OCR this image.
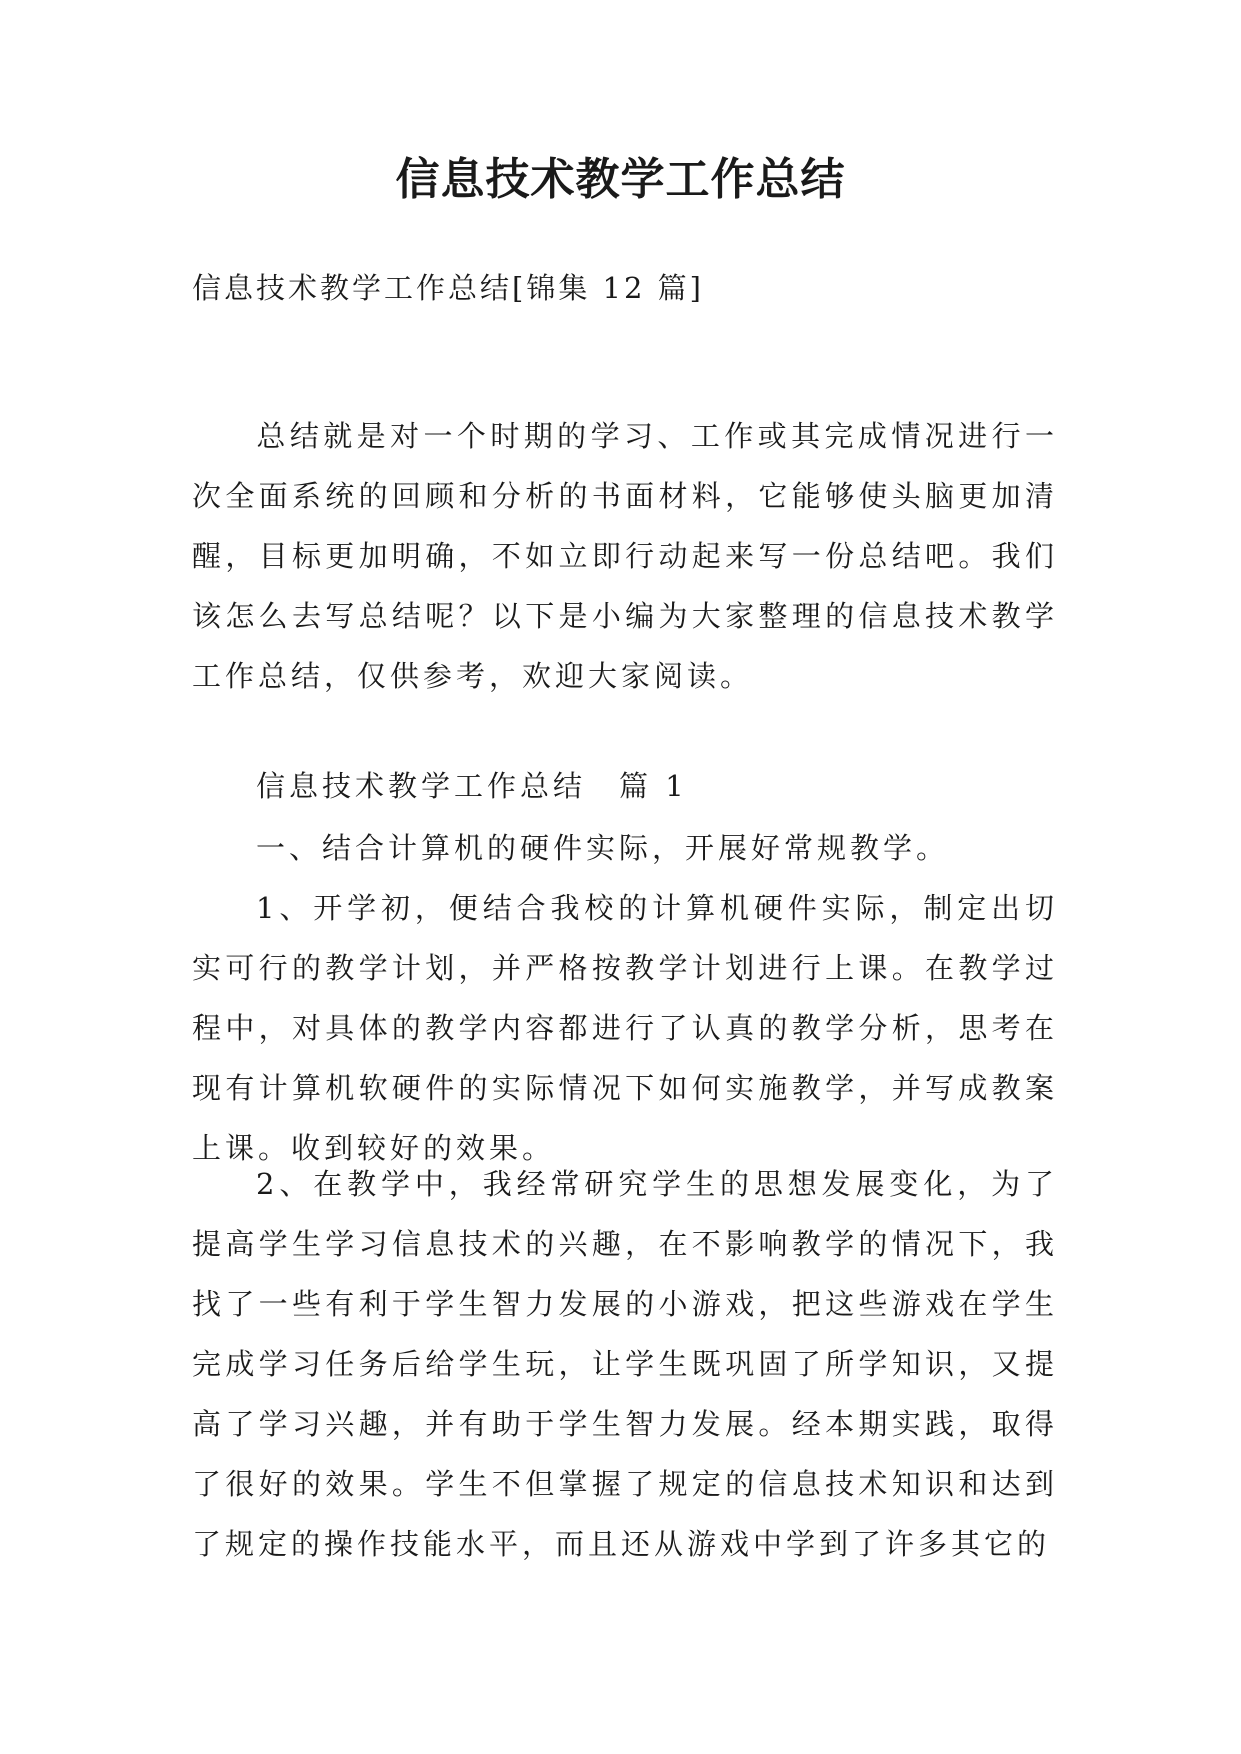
信息技术教学工作总结

信息技术教学工作总结[锦集 12 篇]

总结就是对一个时期的学习、工作或其完成情况进行一次全面系统的回顾和分析的书面材料，它能够使头脑更加清醒，目标更加明确，不如立即行动起来写一份总结吧。我们该怎么去写总结呢？以下是小编为大家整理的信息技术教学工作总结，仅供参考，欢迎大家阅读。

信息技术教学工作总结　篇 1

一、结合计算机的硬件实际，开展好常规教学。

1、开学初，便结合我校的计算机硬件实际，制定出切实可行的教学计划，并严格按教学计划进行上课。在教学过程中，对具体的教学内容都进行了认真的教学分析，思考在现有计算机软硬件的实际情况下如何实施教学，并写成教案上课。收到较好的效果。

2、在教学中，我经常研究学生的思想发展变化，为了提高学生学习信息技术的兴趣，在不影响教学的情况下，我找了一些有利于学生智力发展的小游戏，把这些游戏在学生完成学习任务后给学生玩，让学生既巩固了所学知识，又提高了学习兴趣，并有助于学生智力发展。经本期实践，取得了很好的效果。学生不但掌握了规定的信息技术知识和达到了规定的操作技能水平，而且还从游戏中学到了许多其它的
